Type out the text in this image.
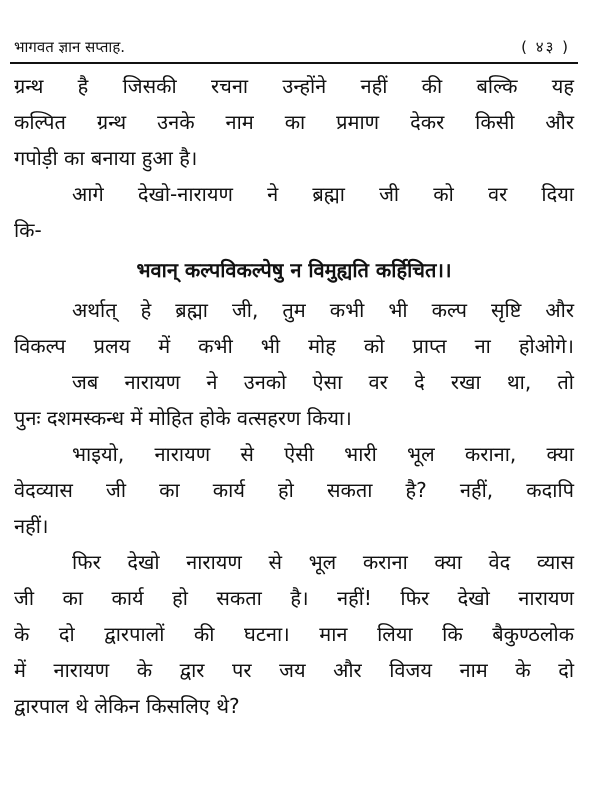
भागवत ज्ञान सप्ताह.	( ४३ )
ग्रन्थ है जिसकी रचना उन्होंने नहीं की बल्कि यह
कल्पित ग्रन्थ उनके नाम का प्रमाण देकर किसी और
गपोड़ी का बनाया हुआ है।
आगे देखो-नारायण ने ब्रह्मा जी को वर दिया
कि-
भवान् कल्पविकल्पेषु न विमुह्यति कर्हिचित।।
अर्थात् हे ब्रह्मा जी, तुम कभी भी कल्प सृष्टि और
विकल्प प्रलय में कभी भी मोह को प्राप्त ना होओगे।
जब नारायण ने उनको ऐसा वर दे रखा था, तो
पुनः दशमस्कन्ध में मोहित होके वत्सहरण किया।
भाइयो, नारायण से ऐसी भारी भूल कराना, क्या
वेदव्यास जी का कार्य हो सकता है? नहीं, कदापि
नहीं।
फिर देखो नारायण से भूल कराना क्या वेद व्यास
जी का कार्य हो सकता है। नहीं! फिर देखो नारायण
के दो द्वारपालों की घटना। मान लिया कि बैकुण्ठलोक
में नारायण के द्वार पर जय और विजय नाम के दो
द्वारपाल थे लेकिन किसलिए थे?
